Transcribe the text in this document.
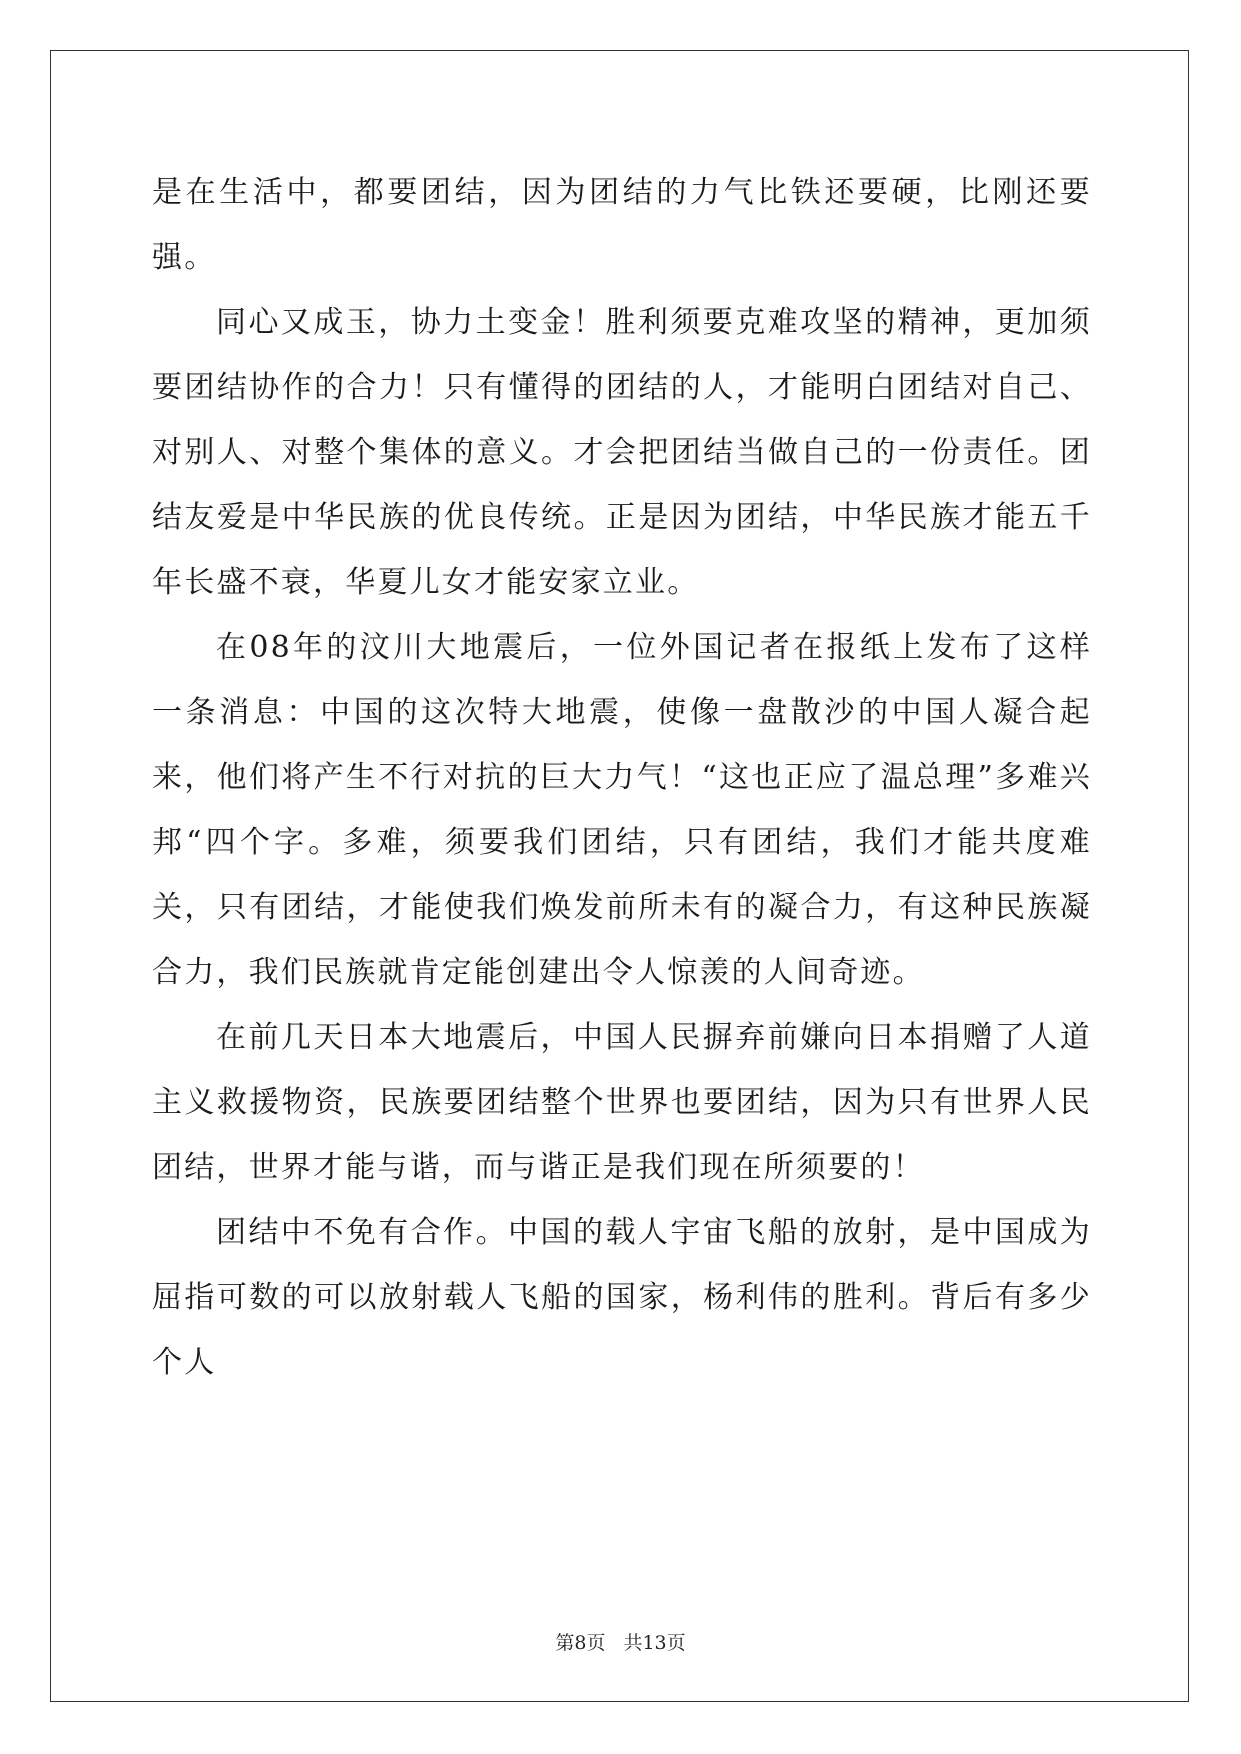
是在生活中，都要团结，因为团结的力气比铁还要硬，比刚还要强。

同心又成玉，协力土变金！胜利须要克难攻坚的精神，更加须要团结协作的合力！只有懂得的团结的人，才能明白团结对自己、对别人、对整个集体的意义。才会把团结当做自己的一份责任。团结友爱是中华民族的优良传统。正是因为团结，中华民族才能五千年长盛不衰，华夏儿女才能安家立业。

在08年的汶川大地震后，一位外国记者在报纸上发布了这样一条消息：中国的这次特大地震，使像一盘散沙的中国人凝合起来，他们将产生不行对抗的巨大力气！“这也正应了温总理”多难兴邦“四个字。多难，须要我们团结，只有团结，我们才能共度难关，只有团结，才能使我们焕发前所未有的凝合力，有这种民族凝合力，我们民族就肯定能创建出令人惊羡的人间奇迹。

在前几天日本大地震后，中国人民摒弃前嫌向日本捐赠了人道主义救援物资，民族要团结整个世界也要团结，因为只有世界人民团结，世界才能与谐，而与谐正是我们现在所须要的！

团结中不免有合作。中国的载人宇宙飞船的放射，是中国成为屈指可数的可以放射载人飞船的国家，杨利伟的胜利。背后有多少个人

第8页 共13页
